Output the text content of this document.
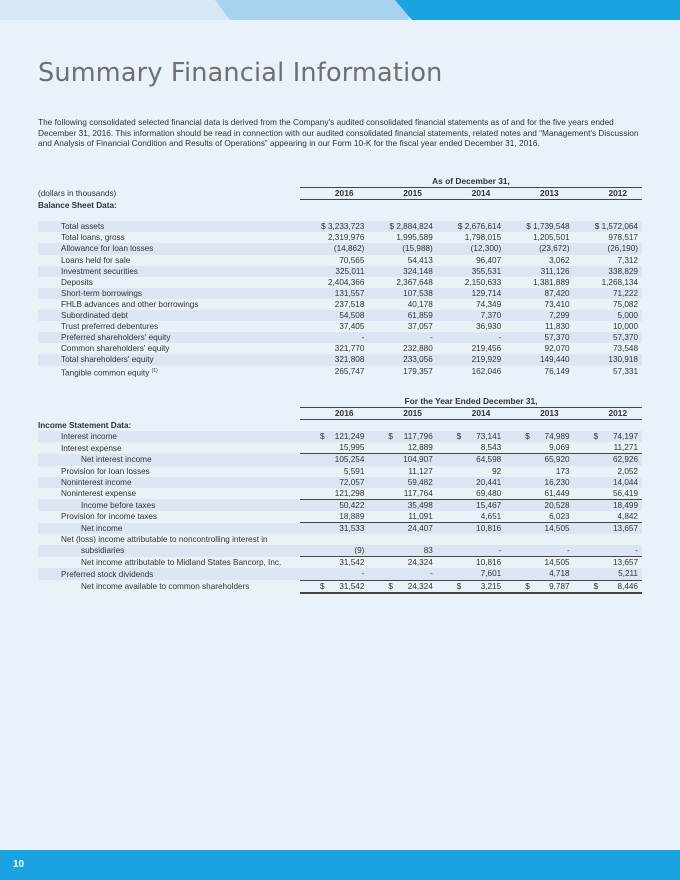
Summary Financial Information

The following consolidated selected financial data is derived from the Company's audited consolidated financial statements as of and for the five years ended December 31, 2016. This information should be read in connection with our audited consolidated financial statements, related notes and “Management's Discussion and Analysis of Financial Condition and Results of Operations” appearing in our Form 10-K for the fiscal year ended December 31, 2016.

	As of December 31,				
(dollars in thousands)	2016	2015	2014	2013	2012
Balance Sheet Data:					

Total assets	$ 3,233,723	$ 2,884,824	$ 2,676,614	$ 1,739,548	$ 1,572,064
Total loans, gross	2,319,976	1,995,589	1,798,015	1,205,501	978,517
Allowance for loan losses	(14,862)	(15,988)	(12,300)	(23,672)	(26,190)
Loans held for sale	70,565	54,413	96,407	3,062	7,312
Investment securities	325,011	324,148	355,531	311,126	338,829
Deposits	2,404,366	2,367,648	2,150,633	1,381,889	1,268,134
Short-term borrowings	131,557	107,538	129,714	87,420	71,222
FHLB advances and other borrowings	237,518	40,178	74,349	73,410	75,082
Subordinated debt	54,508	61,859	7,370	7,299	5,000
Trust preferred debentures	37,405	37,057	36,930	11,830	10,000
Preferred shareholders' equity	-	-	-	57,370	57,370
Common shareholders' equity	321,770	232,880	219,456	92,070	73,548
Total shareholders' equity	321,808	233,056	219,929	149,440	130,918
Tangible common equity $^{(1)}$	265,747	179,357	162,046	76,149	57,331
	For the Year Ended December 31,				
	2016	2015	2014	2013	2012
Income Statement Data:					
Interest income	$ 121,249	$ 117,796	$ 73,141	$ 74,989	$ 74,197
Interest expense	15,995	12,889	8,543	9,069	11,271
Net interest income	105,254	104,907	64,598	65,920	62,926
Provision for loan losses	5,591	11,127	92	173	2,052
Noninterest income	72,057	59,482	20,441	16,230	14,044
Noninterest expense	121,298	117,764	69,480	61,449	56,419
Income before taxes	50,422	35,498	15,467	20,528	18,499
Provision for income taxes	18,889	11,091	4,651	6,023	4,842
Net income	31,533	24,407	10,816	14,505	13,657
Net (loss) income attributable to noncontrolling interest in					
subsidiaries	(9)	83	-	-	-
Net income attributable to Midland States Bancorp, Inc.	31,542	24,324	10,816	14,505	13,657
Preferred stock dividends	-	-	7,601	4,718	5,211
Net income available to common shareholders	$ 31,542	$ 24,324	$ 3,215	$ 9,787	$ 8,446
10
